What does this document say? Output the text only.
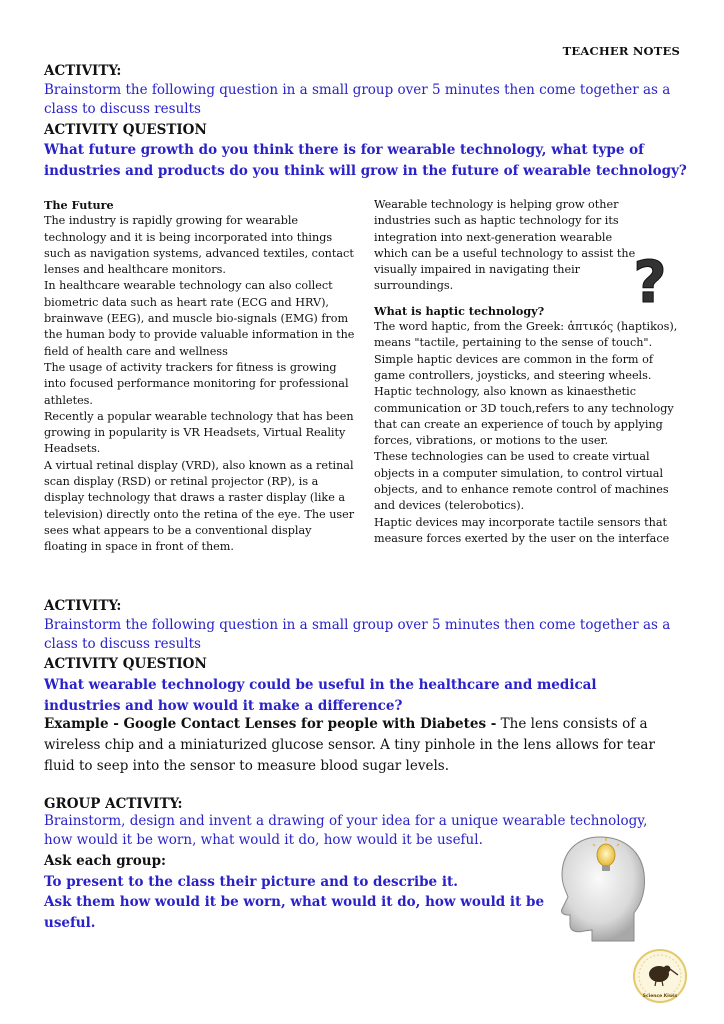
TEACHER NOTES
ACTIVITY:
Brainstorm the following question in a small group over 5 minutes then come together as a class to discuss results
ACTIVITY QUESTION
What future growth do you think there is for wearable technology, what type of industries and products do you think will grow in the future of wearable technology?

The Future

The industry is rapidly growing for wearable technology and it is being incorporated into things such as navigation systems, advanced textiles, contact lenses and healthcare monitors.

In healthcare wearable technology can also collect biometric data such as heart rate (ECG and HRV), brainwave (EEG), and muscle bio-signals (EMG) from the human body to provide valuable information in the field of health care and wellness

The usage of activity trackers for fitness is growing into focused performance monitoring for professional athletes.

Recently a popular wearable technology that has been growing in popularity is VR Headsets, Virtual Reality Headsets.

A virtual retinal display (VRD), also known as a retinal scan display (RSD) or retinal projector (RP), is a display technology that draws a raster display (like a television) directly onto the retina of the eye. The user sees what appears to be a conventional display floating in space in front of them.

Wearable technology is helping grow other industries such as haptic technology for its integration into next-generation wearable which can be a useful technology to assist the visually impaired in navigating their surroundings.

What is haptic technology?

The word haptic, from the Greek: ἁπτικός (haptikos), means "tactile, pertaining to the sense of touch". Simple haptic devices are common in the form of game controllers, joysticks, and steering wheels.

Haptic technology, also known as kinaesthetic communication or 3D touch,refers to any technology that can create an experience of touch by applying forces, vibrations, or motions to the user.

These technologies can be used to create virtual objects in a computer simulation, to control virtual objects, and to enhance remote control of machines and devices (telerobotics).

Haptic devices may incorporate tactile sensors that measure forces exerted by the user on the interface

?
ACTIVITY:
Brainstorm the following question in a small group over 5 minutes then come together as a class to discuss results
ACTIVITY QUESTION
What wearable technology could be useful in the healthcare and medical industries and how would it make a difference?
Example - Google Contact Lenses for people with Diabetes - The lens consists of a wireless chip and a miniaturized glucose sensor. A tiny pinhole in the lens allows for tear fluid to seep into the sensor to measure blood sugar levels.
GROUP ACTIVITY:
Brainstorm, design and invent a drawing of your idea for a unique wearable technology, how would it be worn, what would it do, how would it be useful.
Ask each group:
To present to the class their picture and to describe it.
Ask them how would it be worn, what would it do, how would it be useful.
Science Kiwis
